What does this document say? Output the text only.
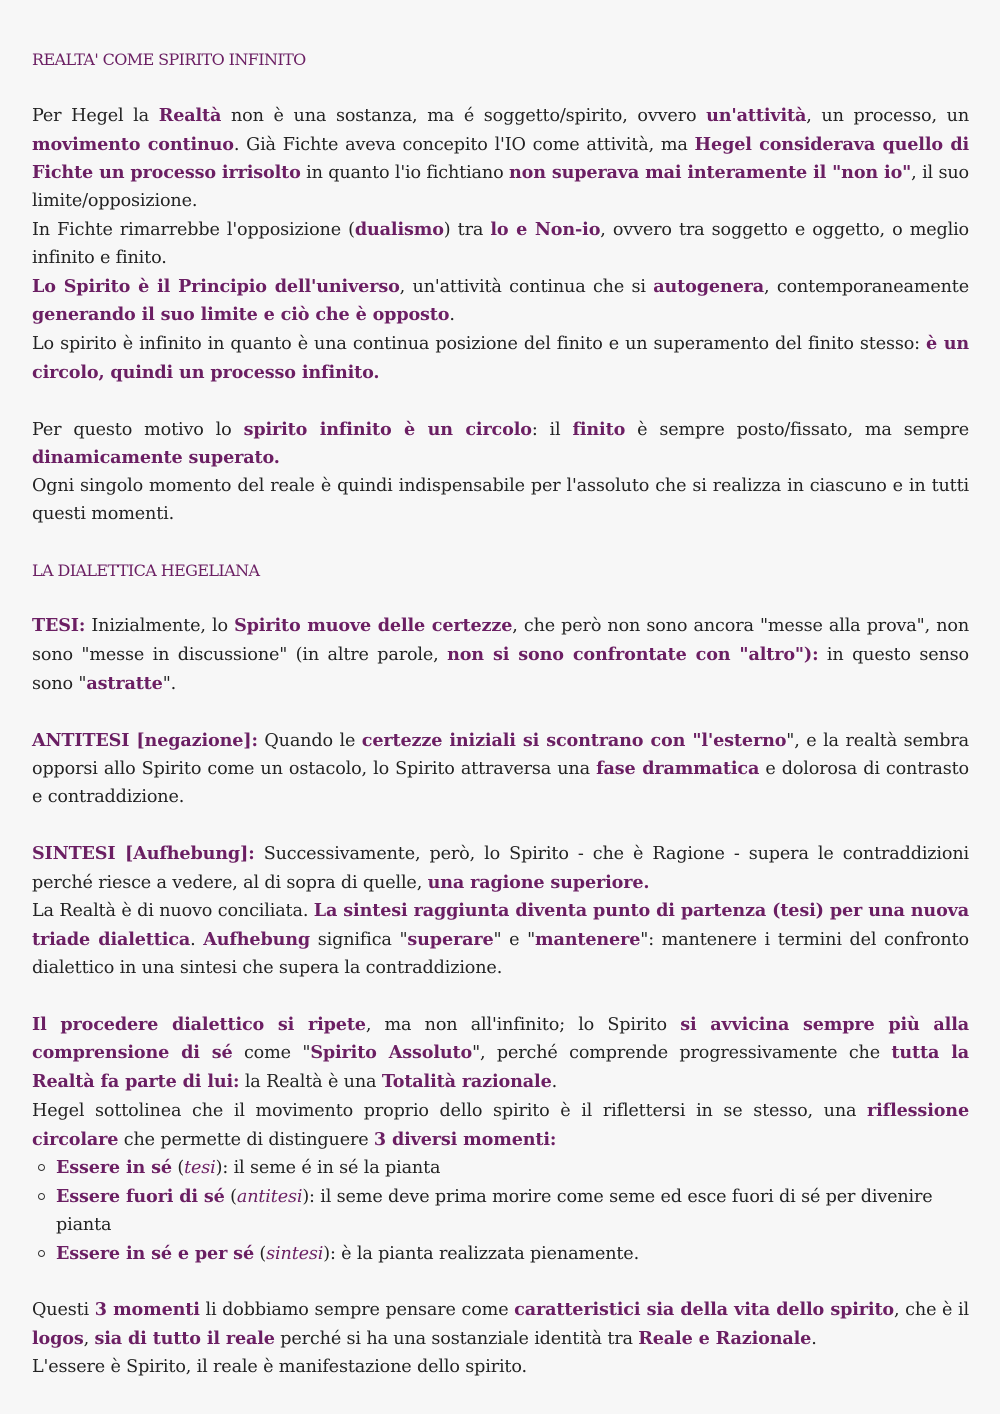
REALTA' COME SPIRITO INFINITO

Per Hegel la Realtà non è una sostanza, ma é soggetto/spirito, ovvero un'attività, un processo, un movimento continuo. Già Fichte aveva concepito l'IO come attività, ma Hegel considerava quello di Fichte un processo irrisolto in quanto l'io fichtiano non superava mai interamente il "non io", il suo limite/opposizione.

In Fichte rimarrebbe l'opposizione (dualismo) tra lo e Non-io, ovvero tra soggetto e oggetto, o meglio infinito e finito.

Lo Spirito è il Principio dell'universo, un'attività continua che si autogenera, contemporaneamente generando il suo limite e ciò che è opposto.

Lo spirito è infinito in quanto è una continua posizione del finito e un superamento del finito stesso: è un circolo, quindi un processo infinito.

Per questo motivo lo spirito infinito è un circolo: il finito è sempre posto/fissato, ma sempre dinamicamente superato.

Ogni singolo momento del reale è quindi indispensabile per l'assoluto che si realizza in ciascuno e in tutti questi momenti.

LA DIALETTICA HEGELIANA

TESI: Inizialmente, lo Spirito muove delle certezze, che però non sono ancora "messe alla prova", non sono "messe in discussione" (in altre parole, non si sono confrontate con "altro"): in questo senso sono "astratte".

ANTITESI [negazione]: Quando le certezze iniziali si scontrano con "l'esterno", e la realtà sembra opporsi allo Spirito come un ostacolo, lo Spirito attraversa una fase drammatica e dolorosa di contrasto e contraddizione.

SINTESI [Aufhebung]: Successivamente, però, lo Spirito - che è Ragione - supera le contraddizioni perché riesce a vedere, al di sopra di quelle, una ragione superiore.

La Realtà è di nuovo conciliata. La sintesi raggiunta diventa punto di partenza (tesi) per una nuova triade dialettica. Aufhebung significa "superare" e "mantenere": mantenere i termini del confronto dialettico in una sintesi che supera la contraddizione.

Il procedere dialettico si ripete, ma non all'infinito; lo Spirito si avvicina sempre più alla comprensione di sé come "Spirito Assoluto", perché comprende progressivamente che tutta la Realtà fa parte di lui: la Realtà è una Totalità razionale.

Hegel sottolinea che il movimento proprio dello spirito è il riflettersi in se stesso, una riflessione circolare che permette di distinguere 3 diversi momenti:

Essere in sé (tesi): il seme é in sé la pianta
Essere fuori di sé (antitesi): il seme deve prima morire come seme ed esce fuori di sé per divenire pianta
Essere in sé e per sé (sintesi): è la pianta realizzata pienamente.

Questi 3 momenti li dobbiamo sempre pensare come caratteristici sia della vita dello spirito, che è il logos, sia di tutto il reale perché si ha una sostanziale identità tra Reale e Razionale.

L'essere è Spirito, il reale è manifestazione dello spirito.
